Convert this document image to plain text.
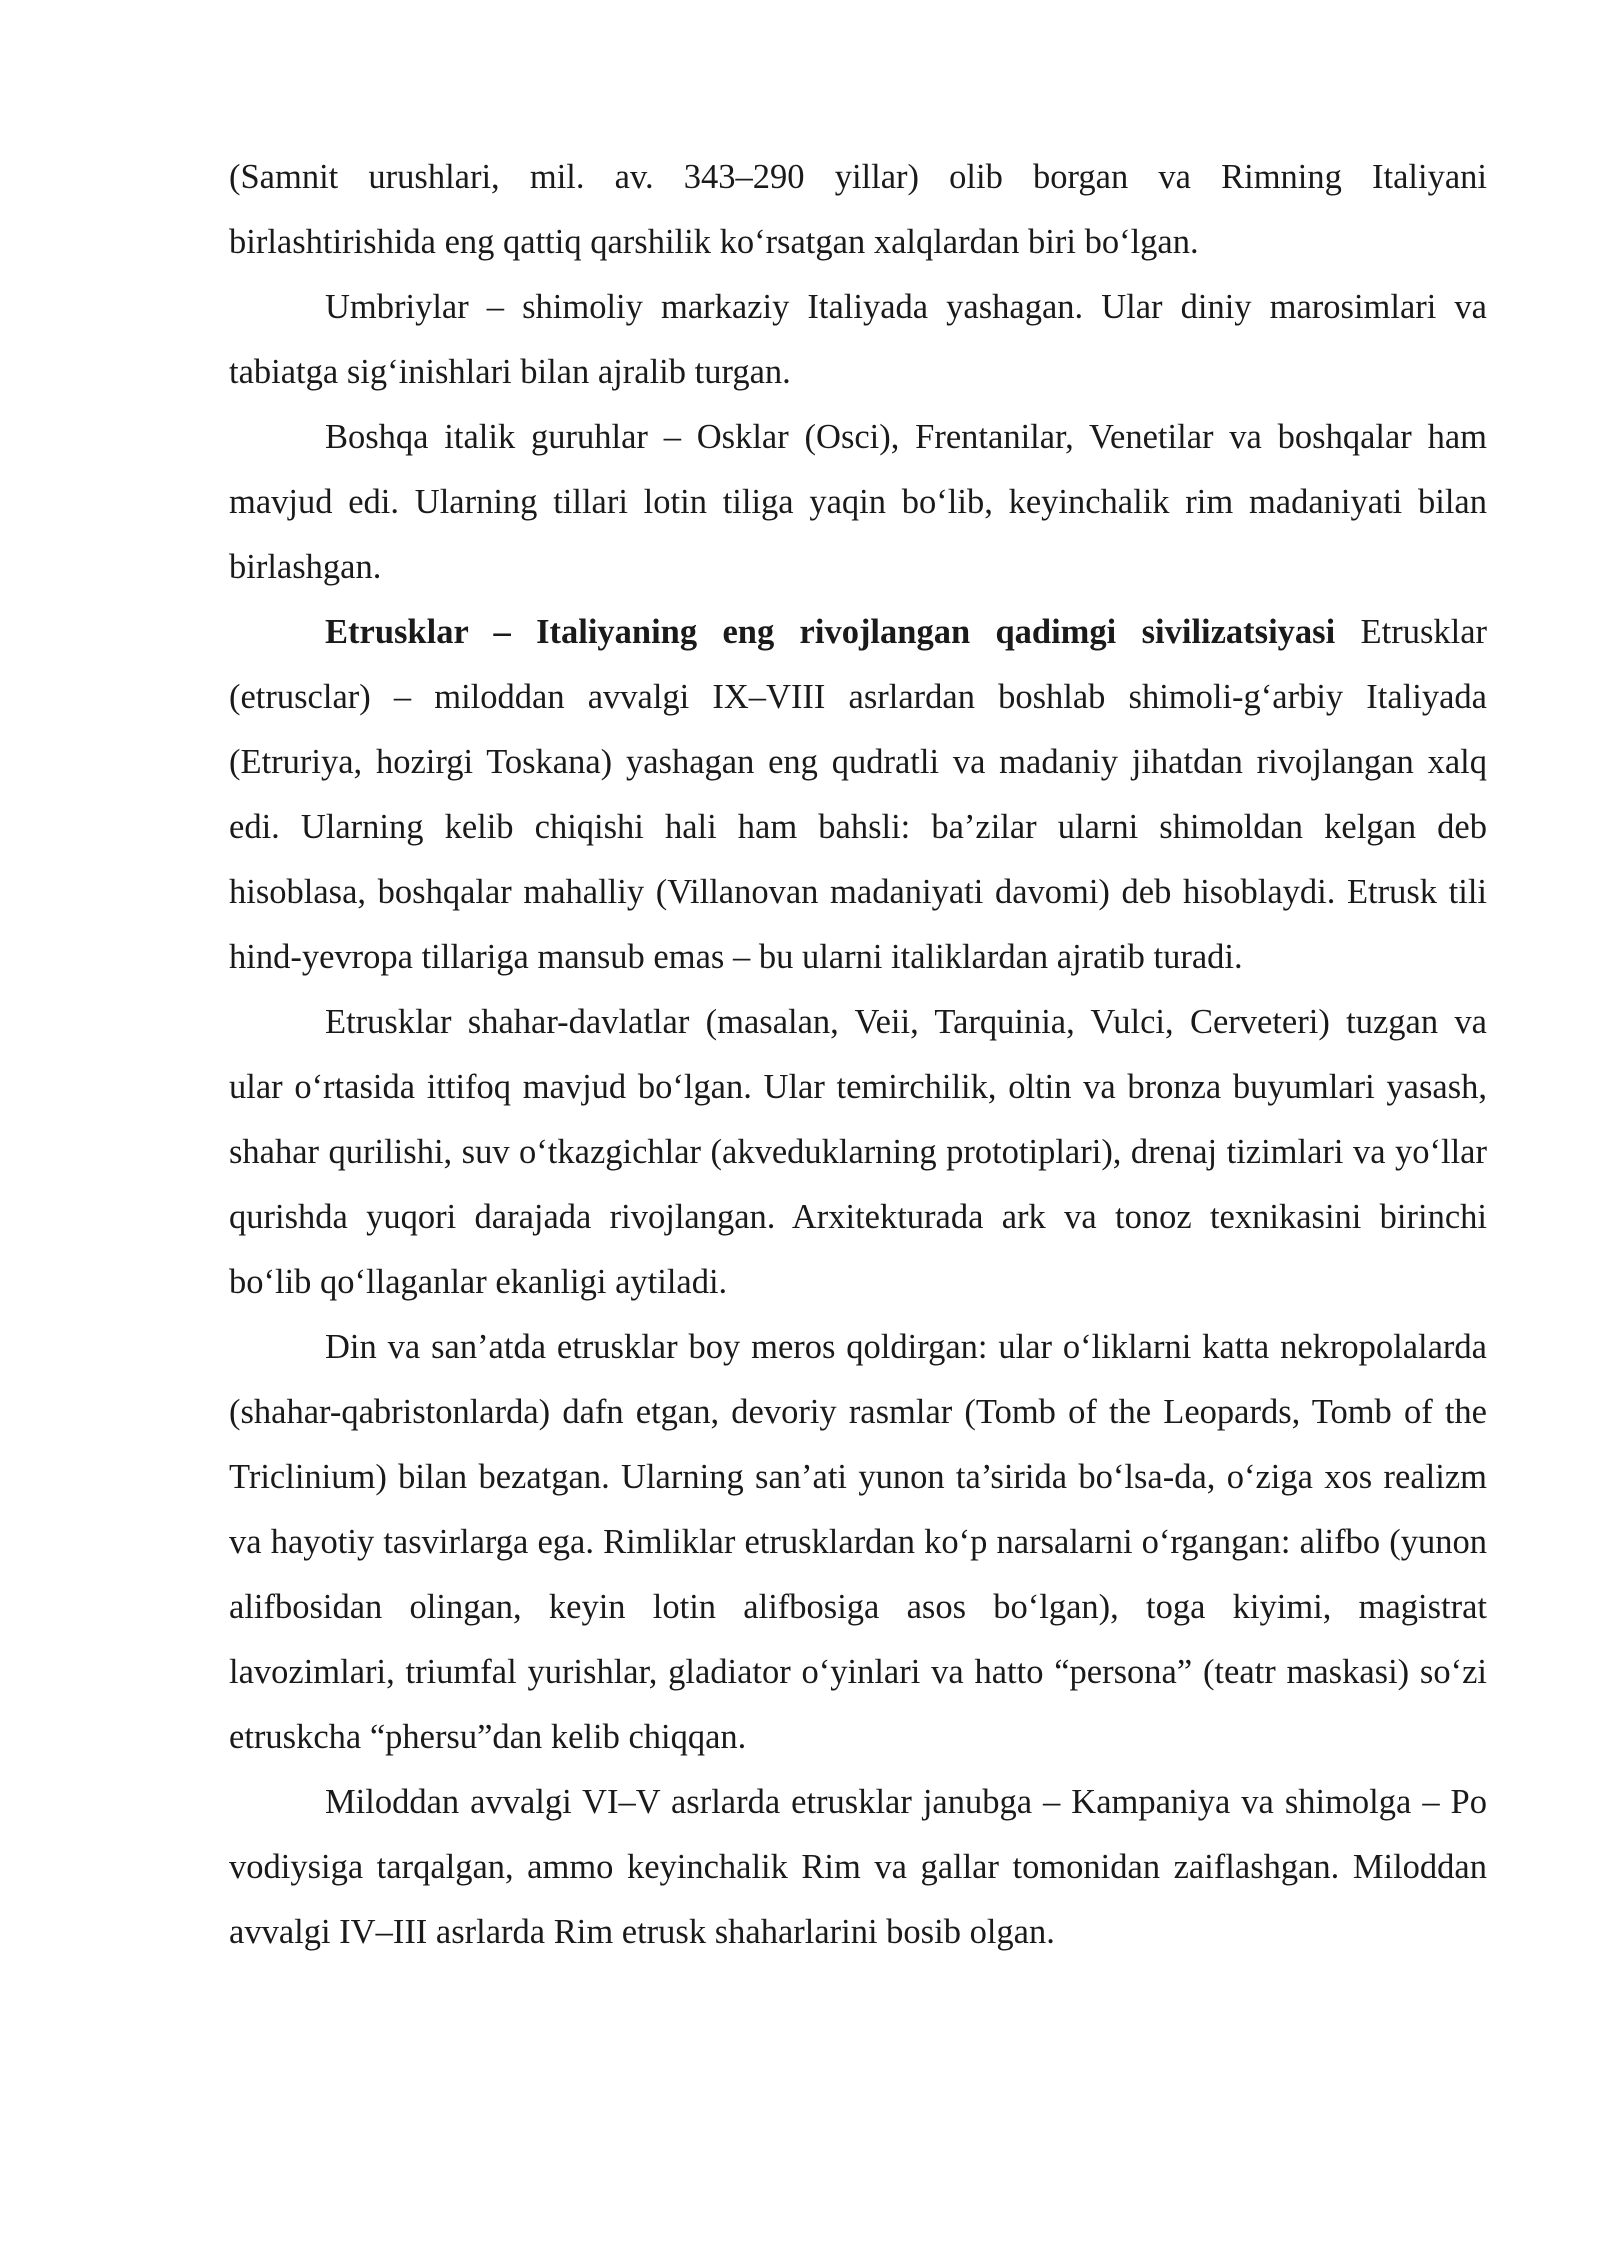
(Samnit urushlari, mil. av. 343–290 yillar) olib borgan va Rimning Italiyani birlashtirishida eng qattiq qarshilik ko‘rsatgan xalqlardan biri bo‘lgan.

Umbriylar – shimoliy markaziy Italiyada yashagan. Ular diniy marosimlari va tabiatga sig‘inishlari bilan ajralib turgan.

Boshqa italik guruhlar – Osklar (Osci), Frentanilar, Venetilar va boshqalar ham mavjud edi. Ularning tillari lotin tiligа yaqin bo‘lib, keyinchalik rim madaniyati bilan birlashgan.

Etrusklar – Italiyaning eng rivojlangan qadimgi sivilizatsiyasi Etrusklar (etrusclar) – miloddan avvalgi IX–VIII asrlardan boshlab shimoli-g‘arbiy Italiyada (Etruriya, hozirgi Toskana) yashagan eng qudratli va madaniy jihatdan rivojlangan xalq edi. Ularning kelib chiqishi hali ham bahsli: ba’zilar ularni shimoldan kelgan deb hisoblasa, boshqalar mahalliy (Villanovan madaniyati davomi) deb hisoblaydi. Etrusk tili hind-yevropa tillariga mansub emas – bu ularni italiklardan ajratib turadi.

Etrusklar shahar-davlatlar (masalan, Veii, Tarquinia, Vulci, Cerveteri) tuzgan va ular o‘rtasida ittifoq mavjud bo‘lgan. Ular temirchilik, oltin va bronza buyumlari yasash, shahar qurilishi, suv o‘tkazgichlar (akveduklarning prototiplari), drenaj tizimlari va yo‘llar qurishda yuqori darajada rivojlangan. Arxitekturada ark va tonoz texnikasini birinchi bo‘lib qo‘llaganlar ekanligi aytiladi.

Din va san’atda etrusklar boy meros qoldirgan: ular o‘liklarni katta nekropolalarda (shahar-qabristonlarda) dafn etgan, devoriy rasmlar (Tomb of the Leopards, Tomb of the Triclinium) bilan bezatgan. Ularning san’ati yunon ta’sirida bo‘lsa-da, o‘ziga xos realizm va hayotiy tasvirlarga ega. Rimliklar etrusklardan ko‘p narsalarni o‘rgangan: alifbo (yunon alifbosidan olingan, keyin lotin alifbosiga asos bo‘lgan), toga kiyimi, magistrat lavozimlari, triumfal yurishlar, gladiator o‘yinlari va hatto “persona” (teatr maskasi) so‘zi etruskcha “phersu”dan kelib chiqqan.

Miloddan avvalgi VI–V asrlarda etrusklar janubga – Kampaniya va shimolga – Po vodiysiga tarqalgan, ammo keyinchalik Rim va gallar tomonidan zaiflashgan. Miloddan avvalgi IV–III asrlarda Rim etrusk shaharlarini bosib olgan.
